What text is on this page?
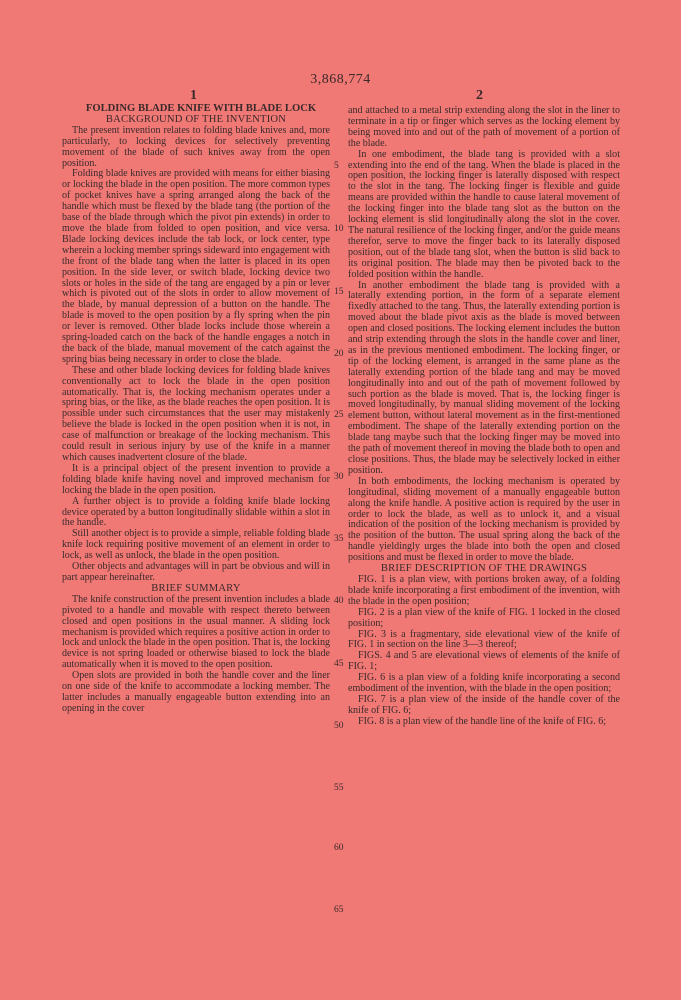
3,868,774
1	2

FOLDING BLADE KNIFE WITH BLADE LOCK

BACKGROUND OF THE INVENTION

The present invention relates to folding blade knives and, more particularly, to locking devices for selectively preventing movement of the blade of such knives away from the open position.

Folding blade knives are provided with means for either biasing or locking the blade in the open position. The more common types of pocket knives have a spring arranged along the back of the handle which must be flexed by the blade tang (the portion of the base of the blade through which the pivot pin extends) in order to move the blade from folded to open position, and vice versa. Blade locking devices include the tab lock, or lock center, type wherein a locking member springs sideward into engagement with the front of the blade tang when the latter is placed in its open position. In the side lever, or switch blade, locking device two slots or holes in the side of the tang are engaged by a pin or lever which is pivoted out of the slots in order to allow movement of the blade, by manual depression of a button on the handle. The blade is moved to the open position by a fly spring when the pin or lever is removed. Other blade locks include those wherein a spring-loaded catch on the back of the handle engages a notch in the back of the blade, manual movement of the catch against the spring bias being necessary in order to close the blade.

These and other blade locking devices for folding blade knives conventionally act to lock the blade in the open position automatically. That is, the locking mechanism operates under a spring bias, or the like, as the blade reaches the open position. It is possible under such circumstances that the user may mistakenly believe the blade is locked in the open position when it is not, in case of malfunction or breakage of the locking mechanism. This could result in serious injury by use of the knife in a manner which causes inadvertent closure of the blade.

It is a principal object of the present invention to provide a folding blade knife having novel and improved mechanism for locking the blade in the open position.

A further object is to provide a folding knife blade locking device operated by a button longitudinally slidable within a slot in the handle.

Still another object is to provide a simple, reliable folding blade knife lock requiring positive movement of an element in order to lock, as well as unlock, the blade in the open position.

Other objects and advantages will in part be obvious and will in part appear hereinafter.

BRIEF SUMMARY

The knife construction of the present invention includes a blade pivoted to a handle and movable with respect thereto between closed and open positions in the usual manner. A sliding lock mechanism is provided which requires a positive action in order to lock and unlock the blade in the open position. That is, the locking device is not spring loaded or otherwise biased to lock the blade automatically when it is moved to the open position.

Open slots are provided in both the handle cover and the liner on one side of the knife to accommodate a locking member. The latter includes a manually engageable button extending into an opening in the cover

5
10
15
20
25
30
35
40
45
50
55
60
65

and attached to a metal strip extending along the slot in the liner to terminate in a tip or finger which serves as the locking element by being moved into and out of the path of movement of a portion of the blade.

In one embodiment, the blade tang is provided with a slot extending into the end of the tang. When the blade is placed in the open position, the locking finger is laterally disposed with respect to the slot in the tang. The locking finger is flexible and guide means are provided within the handle to cause lateral movement of the locking finger into the blade tang slot as the button on the locking element is slid longitudinally along the slot in the cover. The natural resilience of the locking finger, and/or the guide means therefor, serve to move the finger back to its laterally disposed position, out of the blade tang slot, when the button is slid back to its original position. The blade may then be pivoted back to the folded position within the handle.

In another embodiment the blade tang is provided with a laterally extending portion, in the form of a separate element fixedly attached to the tang. Thus, the laterally extending portion is moved about the blade pivot axis as the blade is moved between open and closed positions. The locking element includes the button and strip extending through the slots in the handle cover and liner, as in the previous mentioned embodiment. The locking finger, or tip of the locking element, is arranged in the same plane as the laterally extending portion of the blade tang and may be moved longitudinally into and out of the path of movement followed by such portion as the blade is moved. That is, the locking finger is moved longitudinally, by manual sliding movement of the locking element button, without lateral movement as in the first-mentioned embodiment. The shape of the laterally extending portion on the blade tang maybe such that the locking finger may be moved into the path of movement thereof in moving the blade both to open and close positions. Thus, the blade may be selectively locked in either position.

In both embodiments, the locking mechanism is operated by longitudinal, sliding movement of a manually engageable button along the knife handle. A positive action is required by the user in order to lock the blade, as well as to unlock it, and a visual indication of the position of the locking mechanism is provided by the position of the button. The usual spring along the back of the handle yieldingly urges the blade into both the open and closed positions and must be flexed in order to move the blade.

BRIEF DESCRIPTION OF THE DRAWINGS

FIG. 1 is a plan view, with portions broken away, of a folding blade knife incorporating a first embodiment of the invention, with the blade in the open position;

FIG. 2 is a plan view of the knife of FIG. 1 locked in the closed position;

FIG. 3 is a fragmentary, side elevational view of the knife of FIG. 1 in section on the line 3—3 thereof;

FIGS. 4 and 5 are elevational views of elements of the knife of FIG. 1;

FIG. 6 is a plan view of a folding knife incorporating a second embodiment of the invention, with the blade in the open position;

FIG. 7 is a plan view of the inside of the handle cover of the knife of FIG. 6;

FIG. 8 is a plan view of the handle line of the knife of FIG. 6;
